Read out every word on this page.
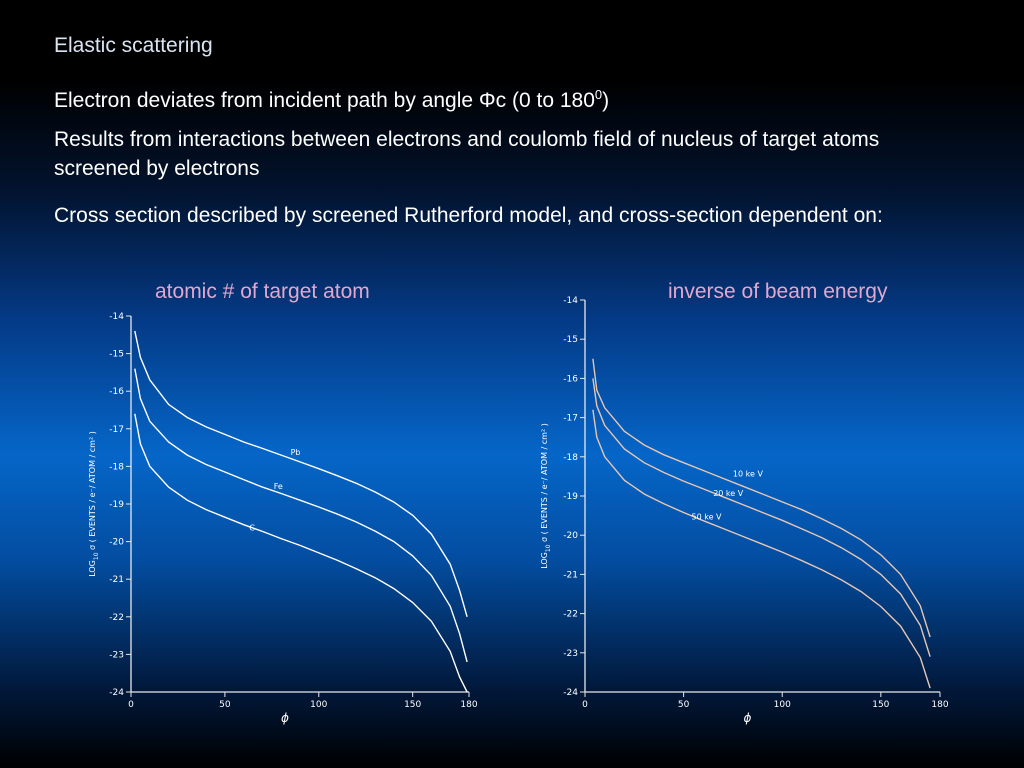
Elastic scattering
Electron deviates from incident path by angle Φc (0 to $180^0$)
Results from interactions between electrons and coulomb field of nucleus of target atoms screened by electrons
Cross section described by screened Rutherford model, and cross-section dependent on:
atomic # of target atom	inverse of beam energy
-14
-15
-16
-17
-18
-19
-20
-21
-22
-23
-24
0	50	100	150	180
ϕ
$LOG_{10}$ σ ( EVENTS / e⁻/ ATOM / cm² )	Pb
Fe
C
-14
-15
-16
-17
-18
-19
-20
-21
-22
-23
-24
0	50	100	150	180
ϕ
$LOG_{10}$ σ ( EVENTS / e⁻/ ATOM / cm² )	10 ke V
20 ke V
50 ke V
